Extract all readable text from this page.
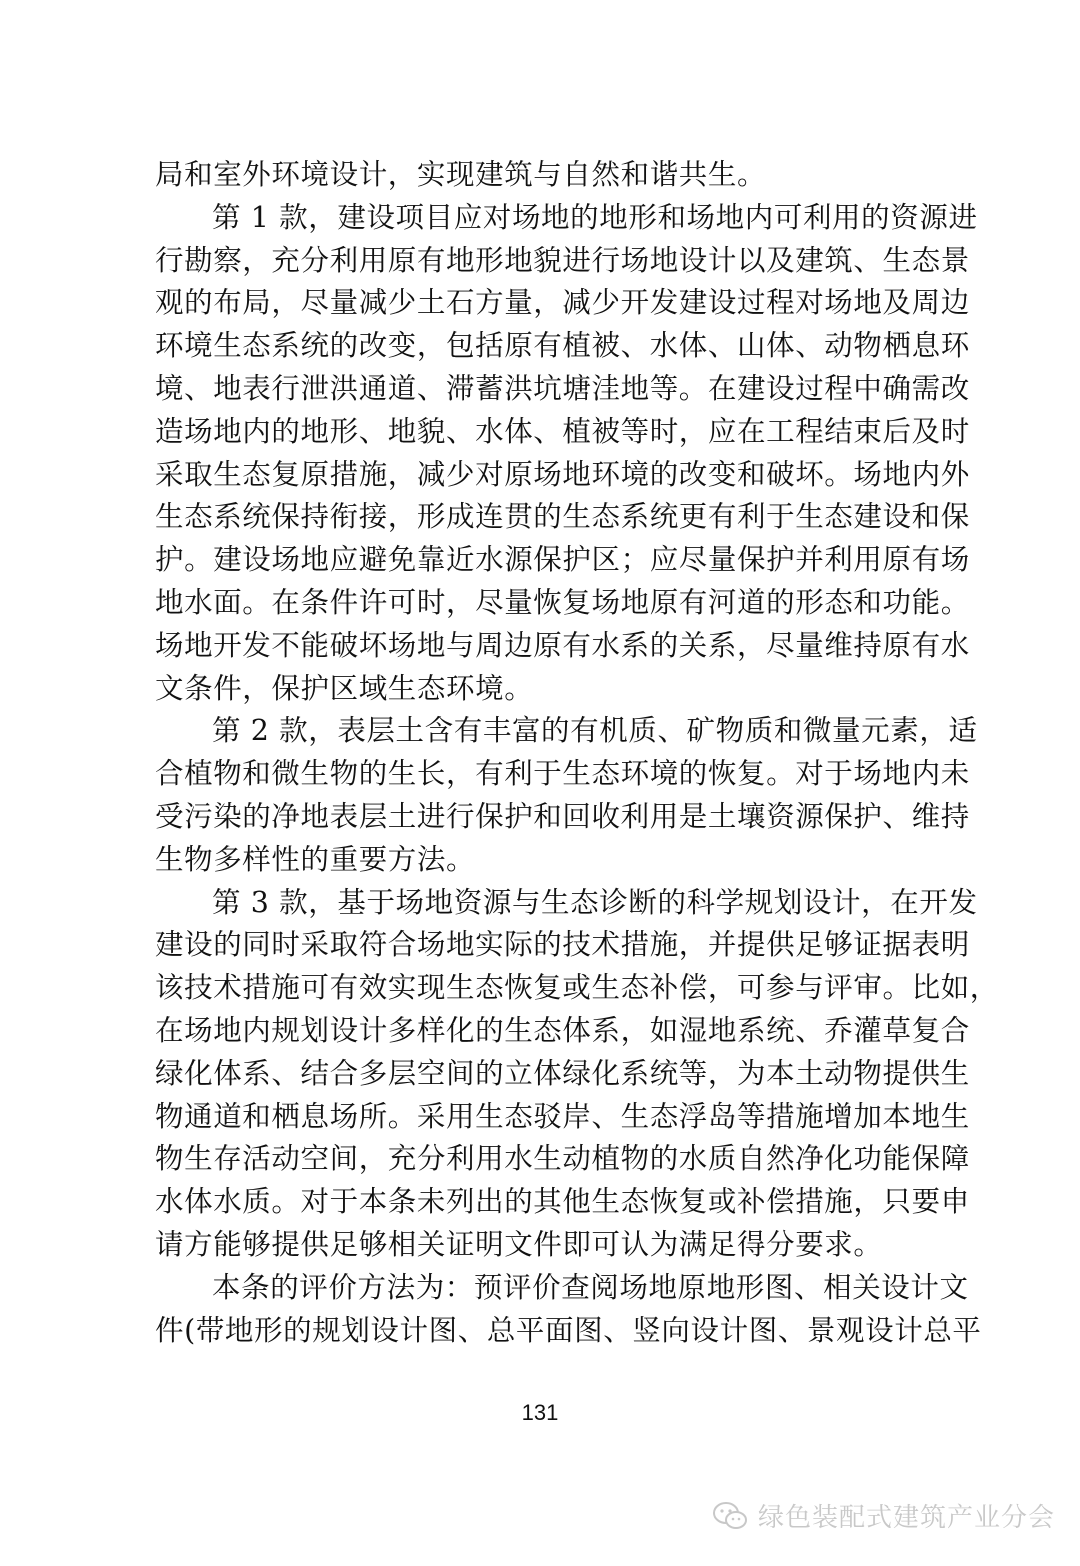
局和室外环境设计，实现建筑与自然和谐共生。
第 1 款，建设项目应对场地的地形和场地内可利用的资源进
行勘察，充分利用原有地形地貌进行场地设计以及建筑、生态景
观的布局，尽量减少土石方量，减少开发建设过程对场地及周边
环境生态系统的改变，包括原有植被、水体、山体、动物栖息环
境、地表行泄洪通道、滞蓄洪坑塘洼地等。在建设过程中确需改
造场地内的地形、地貌、水体、植被等时，应在工程结束后及时
采取生态复原措施，减少对原场地环境的改变和破坏。场地内外
生态系统保持衔接，形成连贯的生态系统更有利于生态建设和保
护。建设场地应避免靠近水源保护区；应尽量保护并利用原有场
地水面。在条件许可时，尽量恢复场地原有河道的形态和功能。
场地开发不能破坏场地与周边原有水系的关系，尽量维持原有水
文条件，保护区域生态环境。
第 2 款，表层土含有丰富的有机质、矿物质和微量元素，适
合植物和微生物的生长，有利于生态环境的恢复。对于场地内未
受污染的净地表层土进行保护和回收利用是土壤资源保护、维持
生物多样性的重要方法。
第 3 款，基于场地资源与生态诊断的科学规划设计，在开发
建设的同时采取符合场地实际的技术措施，并提供足够证据表明
该技术措施可有效实现生态恢复或生态补偿，可参与评审。比如，
在场地内规划设计多样化的生态体系，如湿地系统、乔灌草复合
绿化体系、结合多层空间的立体绿化系统等，为本土动物提供生
物通道和栖息场所。采用生态驳岸、生态浮岛等措施增加本地生
物生存活动空间，充分利用水生动植物的水质自然净化功能保障
水体水质。对于本条未列出的其他生态恢复或补偿措施，只要申
请方能够提供足够相关证明文件即可认为满足得分要求。
本条的评价方法为：预评价查阅场地原地形图、相关设计文
件(带地形的规划设计图、总平面图、竖向设计图、景观设计总平
131
绿色装配式建筑产业分会
